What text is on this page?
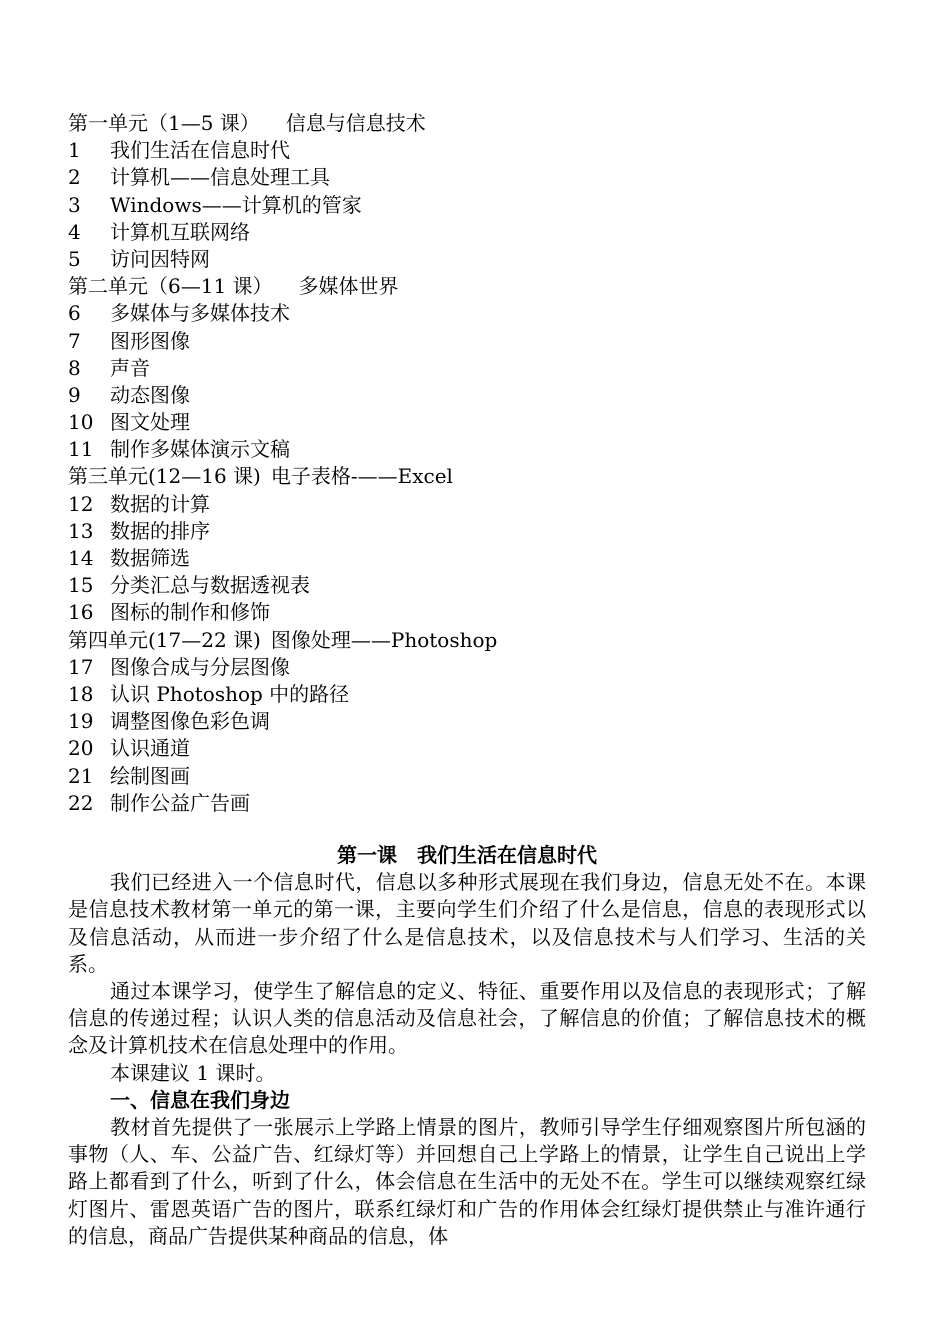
第一单元（1—5 课） 信息与信息技术
1 我们生活在信息时代
2 计算机——信息处理工具
3 Windows——计算机的管家
4 计算机互联网络
5 访问因特网
第二单元（6—11 课） 多媒体世界
6 多媒体与多媒体技术
7 图形图像
8 声音
9 动态图像
10 图文处理
11 制作多媒体演示文稿
第三单元(12—16 课) 电子表格-——Excel
12 数据的计算
13 数据的排序
14 数据筛选
15 分类汇总与数据透视表
16 图标的制作和修饰
第四单元(17—22 课) 图像处理——Photoshop
17 图像合成与分层图像
18 认识 Photoshop 中的路径
19 调整图像色彩色调
20 认识通道
21 绘制图画
22 制作公益广告画
第一课　我们生活在信息时代

我们已经进入一个信息时代，信息以多种形式展现在我们身边，信息无处不在。本课是信息技术教材第一单元的第一课，主要向学生们介绍了什么是信息，信息的表现形式以及信息活动，从而进一步介绍了什么是信息技术，以及信息技术与人们学习、生活的关系。

通过本课学习，使学生了解信息的定义、特征、重要作用以及信息的表现形式；了解信息的传递过程；认识人类的信息活动及信息社会，了解信息的价值；了解信息技术的概念及计算机技术在信息处理中的作用。

本课建议 1 课时。

一、信息在我们身边

教材首先提供了一张展示上学路上情景的图片，教师引导学生仔细观察图片所包涵的事物（人、车、公益广告、红绿灯等）并回想自己上学路上的情景，让学生自己说出上学路上都看到了什么，听到了什么，体会信息在生活中的无处不在。学生可以继续观察红绿灯图片、雷恩英语广告的图片，联系红绿灯和广告的作用体会红绿灯提供禁止与准许通行的信息，商品广告提供某种商品的信息，体
